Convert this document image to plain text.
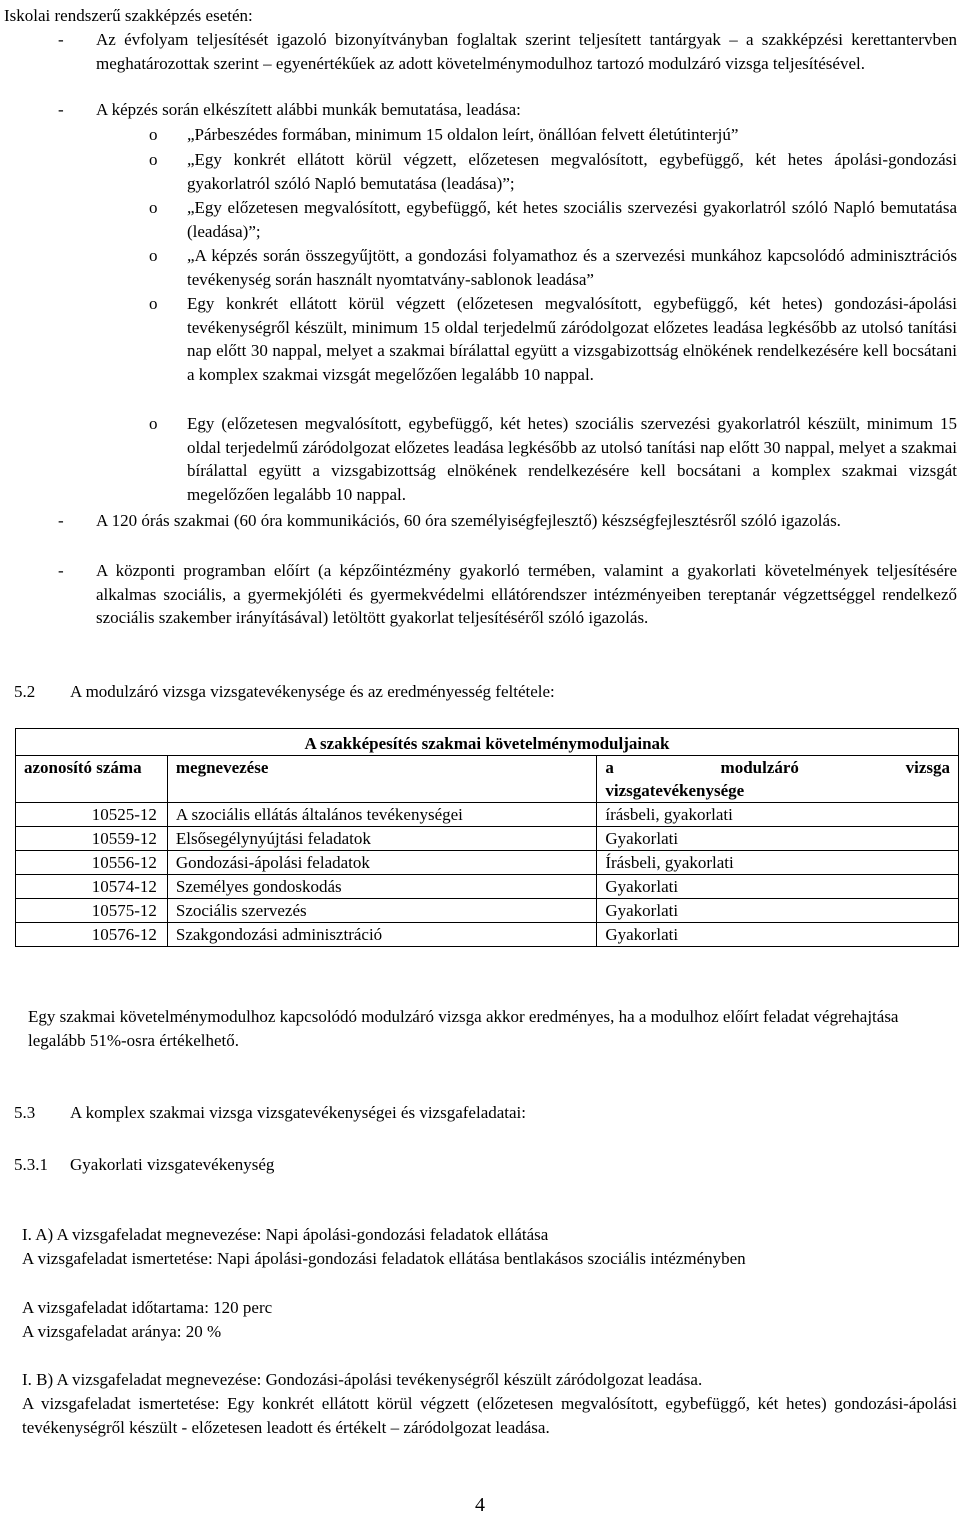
Iskolai rendszerű szakképzés esetén:
- Az évfolyam teljesítését igazoló bizonyítványban foglaltak szerint teljesített tantárgyak – a szakképzési kerettantervben meghatározottak szerint – egyenértékűek az adott követelménymodulhoz tartozó modulzáró vizsga teljesítésével.
- A képzés során elkészített alábbi munkák bemutatása, leadása:
o „Párbeszédes formában, minimum 15 oldalon leírt, önállóan felvett életútinterjú”
o „Egy konkrét ellátott körül végzett, előzetesen megvalósított, egybefüggő, két hetes ápolási-gondozási gyakorlatról szóló Napló bemutatása (leadása)”;
o „Egy előzetesen megvalósított, egybefüggő, két hetes szociális szervezési gyakorlatról szóló Napló bemutatása (leadása)”;
o „A képzés során összegyűjtött, a gondozási folyamathoz és a szervezési munkához kapcsolódó adminisztrációs tevékenység során használt nyomtatvány-sablonok leadása”
o Egy konkrét ellátott körül végzett (előzetesen megvalósított, egybefüggő, két hetes) gondozási-ápolási tevékenységről készült, minimum 15 oldal terjedelmű záródolgozat előzetes leadása legkésőbb az utolsó tanítási nap előtt 30 nappal, melyet a szakmai bírálattal együtt a vizsgabizottság elnökének rendelkezésére kell bocsátani a komplex szakmai vizsgát megelőzően legalább 10 nappal.
o Egy (előzetesen megvalósított, egybefüggő, két hetes) szociális szervezési gyakorlatról készült, minimum 15 oldal terjedelmű záródolgozat előzetes leadása legkésőbb az utolsó tanítási nap előtt 30 nappal, melyet a szakmai bírálattal együtt a vizsgabizottság elnökének rendelkezésére kell bocsátani a komplex szakmai vizsgát megelőzően legalább 10 nappal.
- A 120 órás szakmai (60 óra kommunikációs, 60 óra személyiségfejlesztő) készségfejlesztésről szóló igazolás.
- A központi programban előírt (a képzőintézmény gyakorló termében, valamint a gyakorlati követelmények teljesítésére alkalmas szociális, a gyermekjóléti és gyermekvédelmi ellátórendszer intézményeiben tereptanár végzettséggel rendelkező szociális szakember irányításával) letöltött gyakorlat teljesítéséről szóló igazolás.
5.2 A modulzáró vizsga vizsgatevékenysége és az eredményesség feltétele:
A szakképesítés szakmai követelménymoduljainak		
azonosító száma	megnevezése	a modulzáró vizsga
vizsgatevékenysége

10525-12	A szociális ellátás általános tevékenységei	írásbeli, gyakorlati
10559-12	Elsősegélynyújtási feladatok	Gyakorlati
10556-12	Gondozási-ápolási feladatok	Írásbeli, gyakorlati
10574-12	Személyes gondoskodás	Gyakorlati
10575-12	Szociális szervezés	Gyakorlati
10576-12	Szakgondozási adminisztráció	Gyakorlati
Egy szakmai követelménymodulhoz kapcsolódó modulzáró vizsga akkor eredményes, ha a modulhoz előírt feladat végrehajtása legalább 51%-osra értékelhető.
5.3 A komplex szakmai vizsga vizsgatevékenységei és vizsgafeladatai:
5.3.1 Gyakorlati vizsgatevékenység
I. A) A vizsgafeladat megnevezése: Napi ápolási-gondozási feladatok ellátása
A vizsgafeladat ismertetése: Napi ápolási-gondozási feladatok ellátása bentlakásos szociális intézményben
A vizsgafeladat időtartama: 120 perc
A vizsgafeladat aránya: 20 %
I. B) A vizsgafeladat megnevezése: Gondozási-ápolási tevékenységről készült záródolgozat leadása.
A vizsgafeladat ismertetése: Egy konkrét ellátott körül végzett (előzetesen megvalósított, egybefüggő, két hetes) gondozási-ápolási tevékenységről készült - előzetesen leadott és értékelt – záródolgozat leadása.
4
